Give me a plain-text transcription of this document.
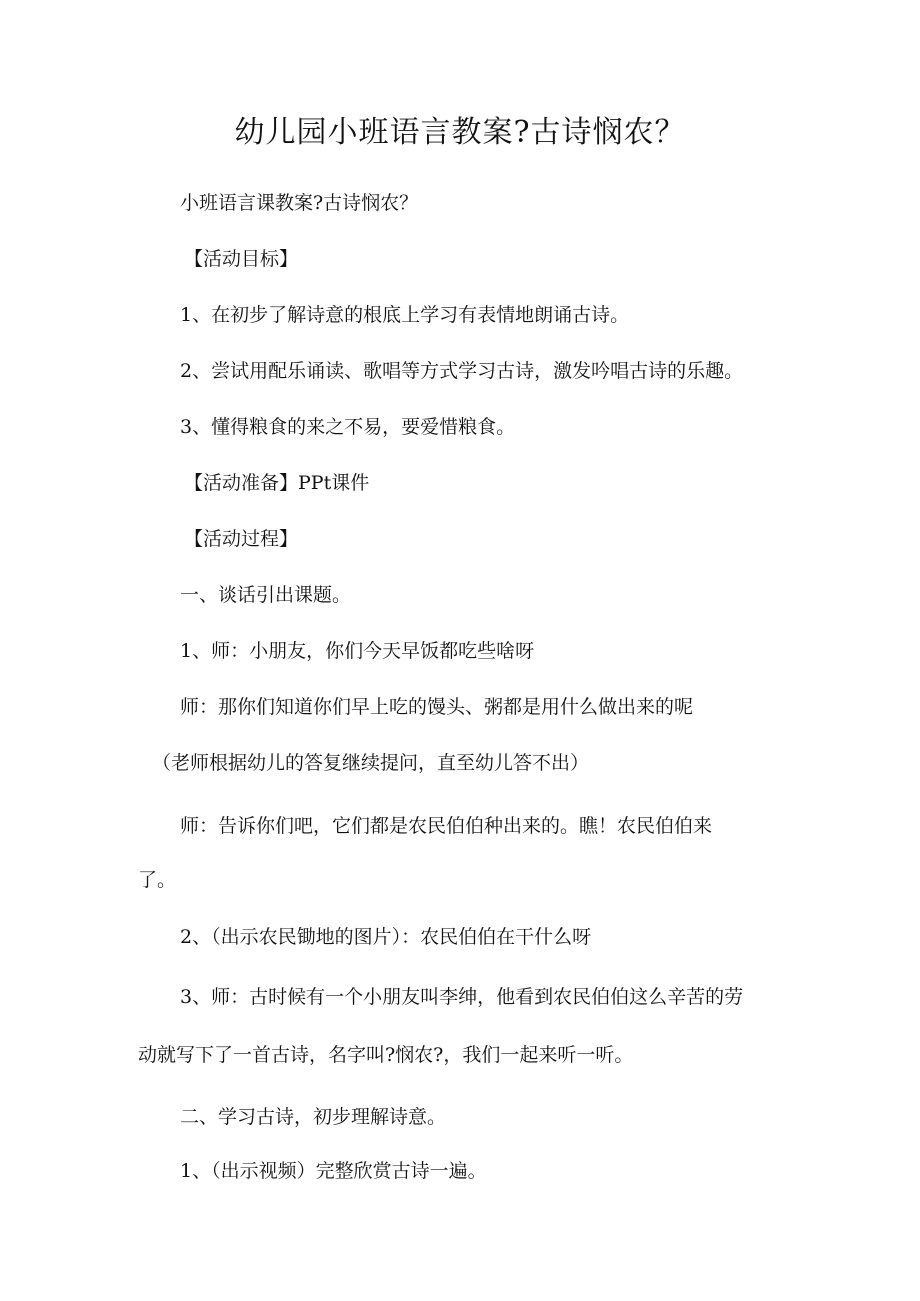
幼儿园小班语言教案?古诗悯农？
小班语言课教案?古诗悯农？
【活动目标】
1、在初步了解诗意的根底上学习有表情地朗诵古诗。
2、尝试用配乐诵读、歌唱等方式学习古诗，激发吟唱古诗的乐趣。
3、懂得粮食的来之不易，要爱惜粮食。
【活动准备】PPt课件
【活动过程】
一、谈话引出课题。
1、师：小朋友，你们今天早饭都吃些啥呀
师：那你们知道你们早上吃的馒头、粥都是用什么做出来的呢
（老师根据幼儿的答复继续提问，直至幼儿答不出）
师：告诉你们吧，它们都是农民伯伯种出来的。瞧！农民伯伯来
了。
2、（出示农民锄地的图片）：农民伯伯在干什么呀
3、师：古时候有一个小朋友叫李绅，他看到农民伯伯这么辛苦的劳
动就写下了一首古诗，名字叫?悯农?，我们一起来听一听。
二、学习古诗，初步理解诗意。
1、（出示视频）完整欣赏古诗一遍。
